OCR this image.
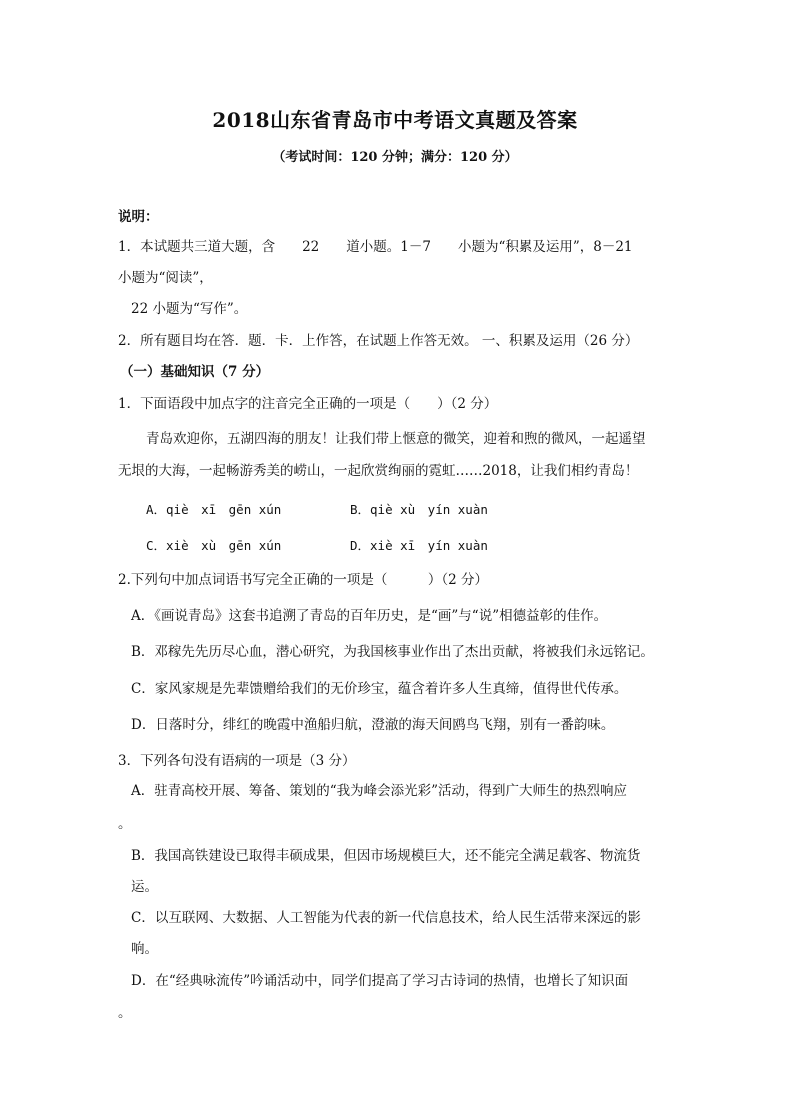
2018山东省青岛市中考语文真题及答案
（考试时间：120 分钟；满分：120 分）
说明：
1．本试题共三道大题，含　　22　　道小题。1－7　　小题为“积累及运用”，8－21
小题为“阅读”，
22 小题为“写作”。
2．所有题目均在答．题．卡．上作答，在试题上作答无效。 一、积累及运用（26 分）
（一）基础知识（7 分）
1．下面语段中加点字的注音完全正确的一项是（　　）（2 分）
青岛欢迎你，五湖四海的朋友！让我们带上惬意的微笑，迎着和煦的微风，一起遥望
无垠的大海，一起畅游秀美的崂山，一起欣赏绚丽的霓虹……2018，让我们相约青岛！
A．qiè　xī　gēn xún	B．qiè xù　yín xuàn
C．xiè　xù　gēn xún	D．xiè xī　yín xuàn
2.下列句中加点词语书写完全正确的一项是（　　　）（2 分）
A．《画说青岛》这套书追溯了青岛的百年历史，是“画”与“说”相德益彰的佳作。
B．邓稼先先历尽心血，潜心研究，为我国核事业作出了杰出贡献，将被我们永远铭记。
C．家风家规是先辈馈赠给我们的无价珍宝，蕴含着许多人生真缔，值得世代传承。
D．日落时分，绯红的晚霞中渔船归航，澄澈的海天间鸥鸟飞翔，别有一番韵味。
3．下列各句没有语病的一项是（3 分）
A．驻青高校开展、筹备、策划的“我为峰会添光彩”活动，得到广大师生的热烈响应
。
B．我国高铁建设已取得丰硕成果，但因市场规模巨大，还不能完全满足载客、物流货
运。
C．以互联网、大数据、人工智能为代表的新一代信息技术，给人民生活带来深远的影
响。
D．在“经典咏流传”吟诵活动中，同学们提高了学习古诗词的热情，也增长了知识面
。
